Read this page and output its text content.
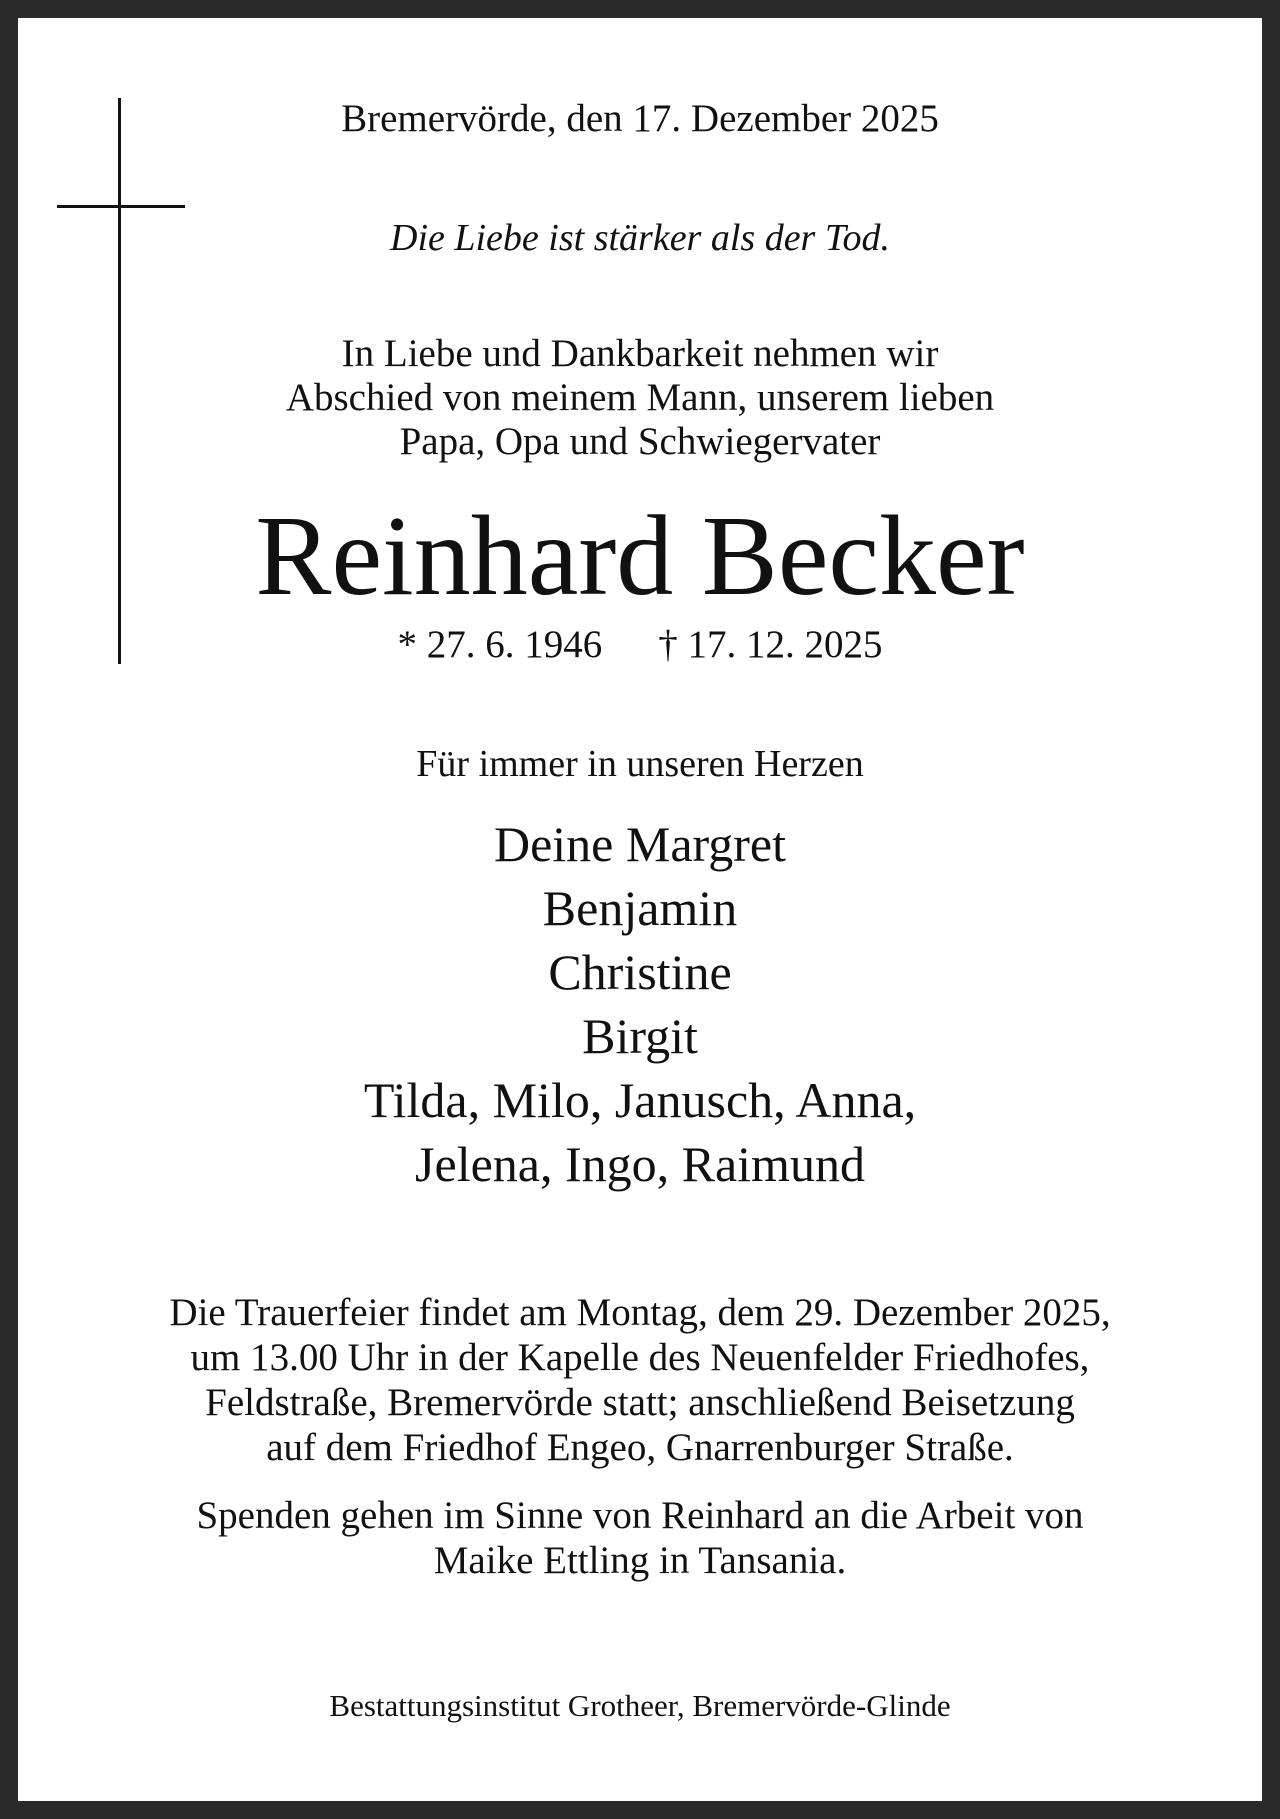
Bremervörde, den 17. Dezember 2025

Die Liebe ist stärker als der Tod.

In Liebe und Dankbarkeit nehmen wir
Abschied von meinem Mann, unserem lieben
Papa, Opa und Schwiegervater

Reinhard Becker

* 27. 6. 1946 † 17. 12. 2025

Für immer in unseren Herzen

Deine Margret
Benjamin
Christine
Birgit
Tilda, Milo, Janusch, Anna,
Jelena, Ingo, Raimund

Die Trauerfeier findet am Montag, dem 29. Dezember 2025,
um 13.00 Uhr in der Kapelle des Neuenfelder Friedhofes,
Feldstraße, Bremervörde statt; anschließend Beisetzung
auf dem Friedhof Engeo, Gnarrenburger Straße.

Spenden gehen im Sinne von Reinhard an die Arbeit von
Maike Ettling in Tansania.

Bestattungsinstitut Grotheer, Bremervörde-Glinde
